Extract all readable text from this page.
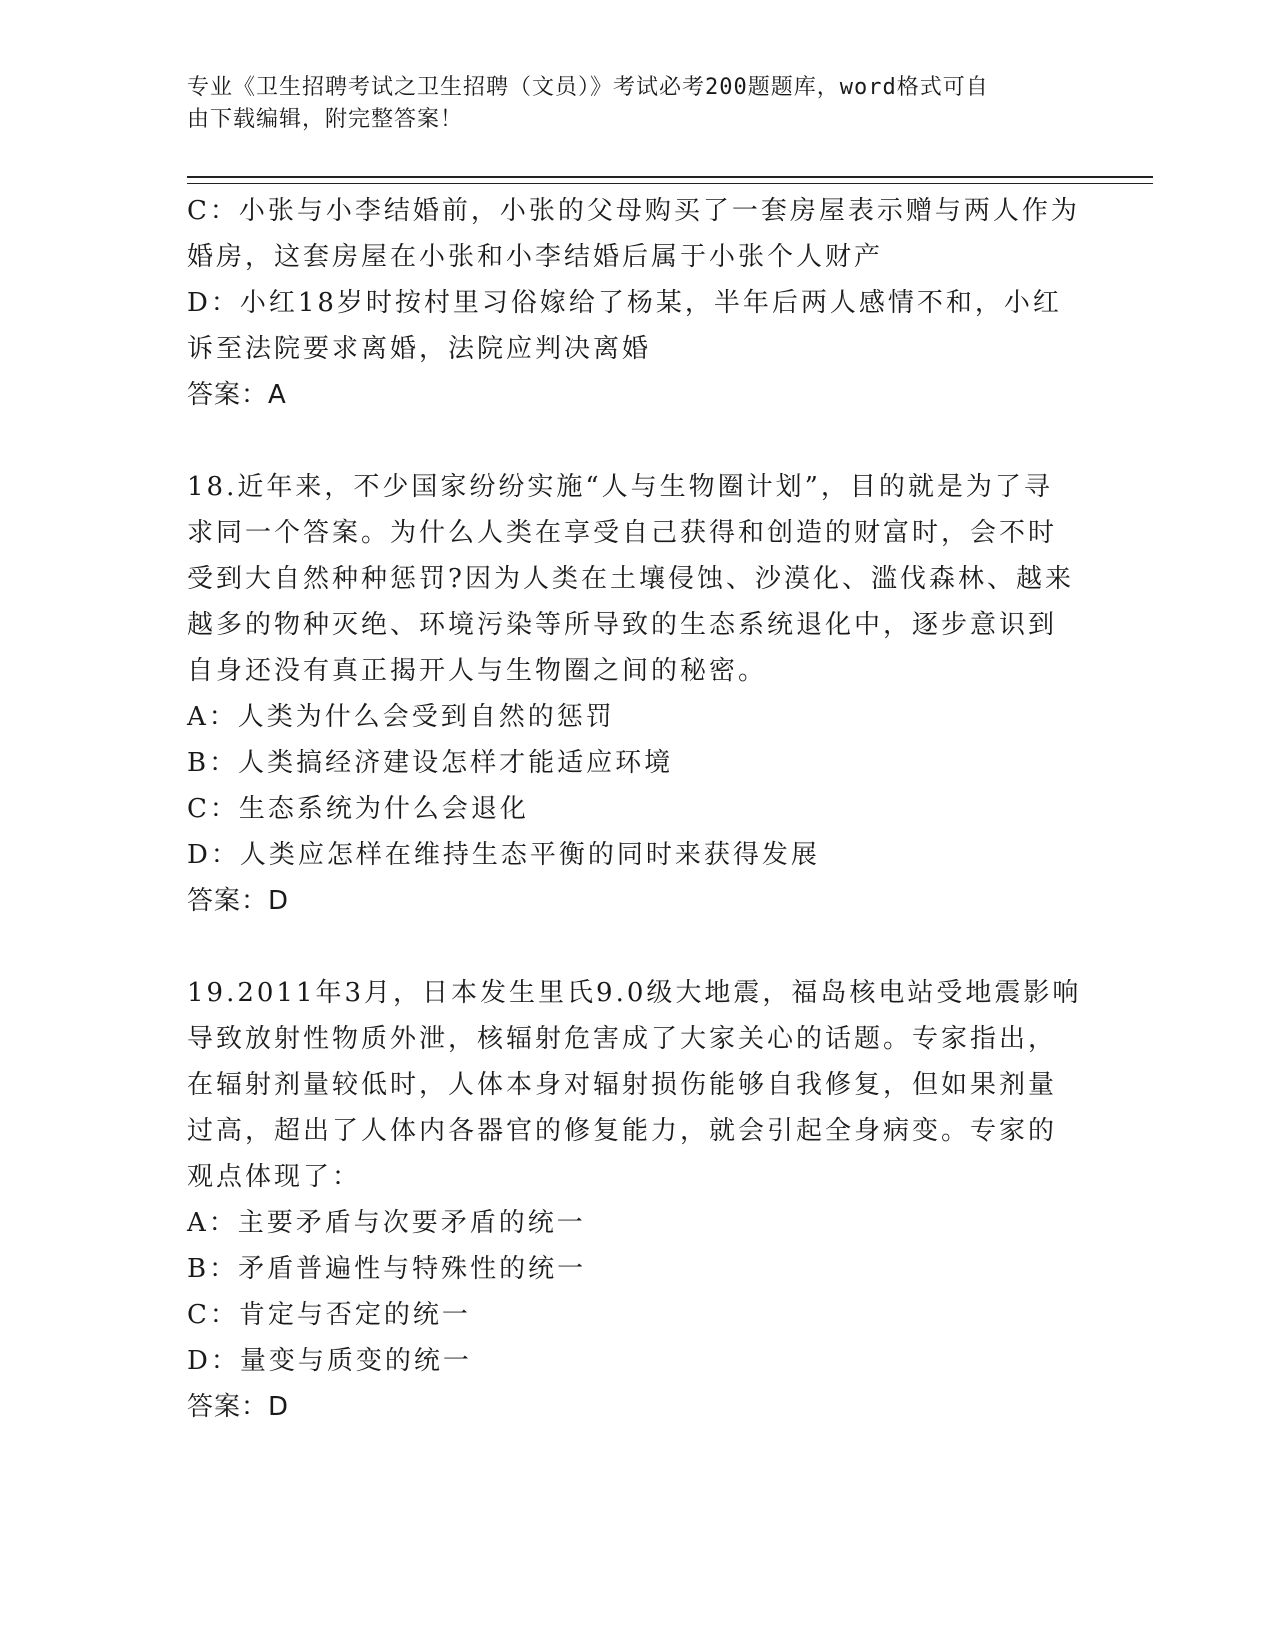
专业《卫生招聘考试之卫生招聘（文员）》考试必考200题题库，word格式可自
由下载编辑，附完整答案！

C：小张与小李结婚前，小张的父母购买了一套房屋表示赠与两人作为

婚房，这套房屋在小张和小李结婚后属于小张个人财产

D：小红18岁时按村里习俗嫁给了杨某，半年后两人感情不和，小红

诉至法院要求离婚，法院应判决离婚

答案：A

18.近年来，不少国家纷纷实施“人与生物圈计划”，目的就是为了寻

求同一个答案。为什么人类在享受自己获得和创造的财富时，会不时

受到大自然种种惩罚?因为人类在土壤侵蚀、沙漠化、滥伐森林、越来

越多的物种灭绝、环境污染等所导致的生态系统退化中，逐步意识到

自身还没有真正揭开人与生物圈之间的秘密。

A：人类为什么会受到自然的惩罚

B：人类搞经济建设怎样才能适应环境

C：生态系统为什么会退化

D：人类应怎样在维持生态平衡的同时来获得发展

答案：D

19.2011年3月，日本发生里氏9.0级大地震，福岛核电站受地震影响

导致放射性物质外泄，核辐射危害成了大家关心的话题。专家指出，

在辐射剂量较低时，人体本身对辐射损伤能够自我修复，但如果剂量

过高，超出了人体内各器官的修复能力，就会引起全身病变。专家的

观点体现了：

A：主要矛盾与次要矛盾的统一

B：矛盾普遍性与特殊性的统一

C：肯定与否定的统一

D：量变与质变的统一

答案：D
